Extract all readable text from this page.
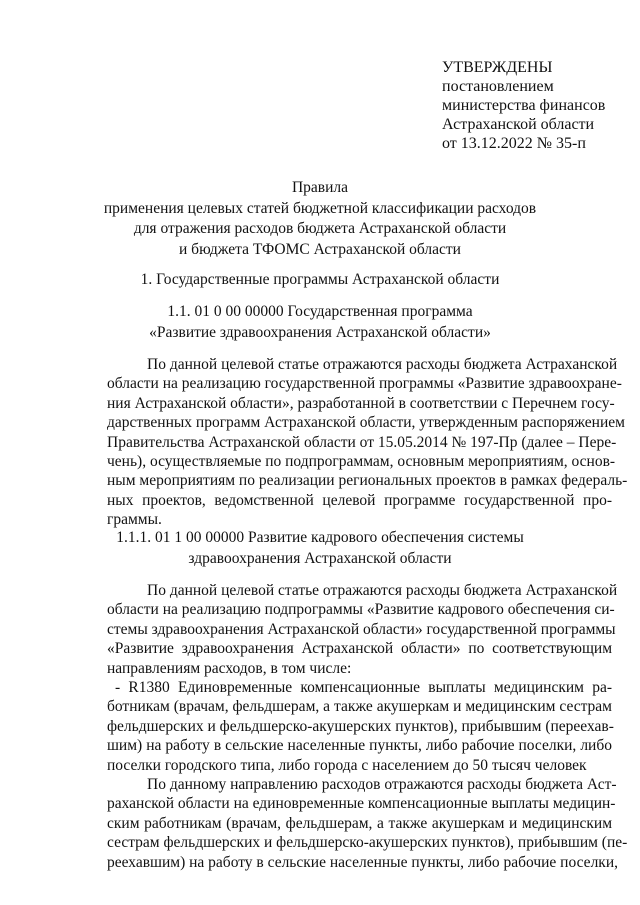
УТВЕРЖДЕНЫ
постановлением
министерства финансов
Астраханской области
от 13.12.2022 № 35-п
Правила
применения целевых статей бюджетной классификации расходов
для отражения расходов бюджета Астраханской области
и бюджета ТФОМС Астраханской области
1. Государственные программы Астраханской области
1.1. 01 0 00 00000 Государственная программа
«Развитие здравоохранения Астраханской области»
По данной целевой статье отражаются расходы бюджета Астраханской
области на реализацию государственной программы «Развитие здравоохране-
ния Астраханской области», разработанной в соответствии с Перечнем госу-
дарственных программ Астраханской области, утвержденным распоряжением
Правительства Астраханской области от 15.05.2014 № 197-Пр (далее – Пере-
чень), осуществляемые по подпрограммам, основным мероприятиям, основ-
ным мероприятиям по реализации региональных проектов в рамках федераль-
ных проектов, ведомственной целевой программе государственной про-
граммы.
1.1.1. 01 1 00 00000 Развитие кадрового обеспечения системы
здравоохранения Астраханской области
По данной целевой статье отражаются расходы бюджета Астраханской
области на реализацию подпрограммы «Развитие кадрового обеспечения си-
стемы здравоохранения Астраханской области» государственной программы
«Развитие здравоохранения Астраханской области» по соответствующим
направлениям расходов, в том числе:
- R1380 Единовременные компенсационные выплаты медицинским ра-
ботникам (врачам, фельдшерам, а также акушеркам и медицинским сестрам
фельдшерских и фельдшерско-акушерских пунктов), прибывшим (переехав-
шим) на работу в сельские населенные пункты, либо рабочие поселки, либо
поселки городского типа, либо города с населением до 50 тысяч человек
По данному направлению расходов отражаются расходы бюджета Аст-
раханской области на единовременные компенсационные выплаты медицин-
ским работникам (врачам, фельдшерам, а также акушеркам и медицинским
сестрам фельдшерских и фельдшерско-акушерских пунктов), прибывшим (пе-
реехавшим) на работу в сельские населенные пункты, либо рабочие поселки,
